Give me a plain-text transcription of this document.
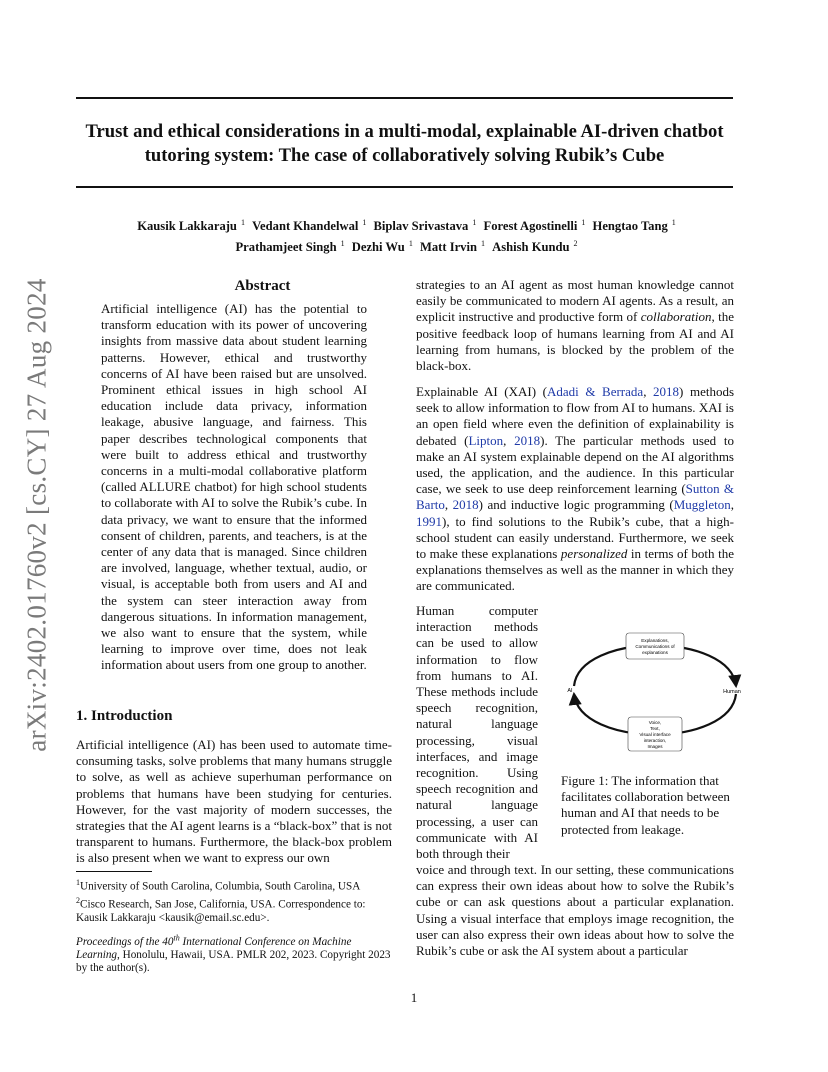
arXiv:2402.01760v2 [cs.CY] 27 Aug 2024
Trust and ethical considerations in a multi-modal, explainable AI-driven chatbot tutoring system: The case of collaboratively solving Rubik’s Cube
Kausik Lakkaraju $^1$ Vedant Khandelwal $^1$ Biplav Srivastava $^1$ Forest Agostinelli $^1$ Hengtao Tang $^1$
Prathamjeet Singh $^1$ Dezhi Wu $^1$ Matt Irvin $^1$ Ashish Kundu $^2$
Abstract
Artificial intelligence (AI) has the potential to transform education with its power of uncovering insights from massive data about student learning patterns. However, ethical and trustworthy concerns of AI have been raised but are unsolved. Prominent ethical issues in high school AI education include data privacy, information leakage, abusive language, and fairness. This paper describes technological components that were built to address ethical and trustworthy concerns in a multi-modal collaborative platform (called ALLURE chatbot) for high school students to collaborate with AI to solve the Rubik’s cube. In data privacy, we want to ensure that the informed consent of children, parents, and teachers, is at the center of any data that is managed. Since children are involved, language, whether textual, audio, or visual, is acceptable both from users and AI and the system can steer interaction away from dangerous situations. In information management, we also want to ensure that the system, while learning to improve over time, does not leak information about users from one group to another.
1. Introduction
Artificial intelligence (AI) has been used to automate time-consuming tasks, solve problems that many humans struggle to solve, as well as achieve superhuman performance on problems that humans have been studying for centuries. However, for the vast majority of modern successes, the strategies that the AI agent learns is a “black-box” that is not transparent to humans. Furthermore, the black-box problem is also present when we want to express our own

$^1$University of South Carolina, Columbia, South Carolina, USA

$^2$Cisco Research, San Jose, California, USA. Correspondence to: Kausik Lakkaraju <kausik@email.sc.edu>.

Proceedings of the 40th International Conference on Machine Learning, Honolulu, Hawaii, USA. PMLR 202, 2023. Copyright 2023 by the author(s).

strategies to an AI agent as most human knowledge cannot easily be communicated to modern AI agents. As a result, an explicit instructive and productive form of collaboration, the positive feedback loop of humans learning from AI and AI learning from humans, is blocked by the problem of the black-box.

Explainable AI (XAI) (Adadi & Berrada, 2018) methods seek to allow information to flow from AI to humans. XAI is an open field where even the definition of explainability is debated (Lipton, 2018). The particular methods used to make an AI system explainable depend on the AI algorithms used, the application, and the audience. In this particular case, we seek to use deep reinforcement learning (Sutton & Barto, 2018) and inductive logic programming (Muggleton, 1991), to find solutions to the Rubik’s cube, that a high-school student can easily understand. Furthermore, we seek to make these explanations personalized in terms of both the explanations themselves as well as the manner in which they are communicated.

Human computer interaction methods can be used to allow information to flow from humans to AI. These methods include speech recognition, natural language processing, visual interfaces, and image recognition. Using speech recognition and natural language processing, a user can communicate with AI both through their

voice and through text. In our setting, these communications can express their own ideas about how to solve the Rubik’s cube or can ask questions about a particular explanation. Using a visual interface that employs image recognition, the user can also express their own ideas about how to solve the Rubik’s cube or ask the AI system about a particular

Explanations,
Communications of
explanations
Voice,
Text,
Visual interface
interaction,
Images
AI	Human
Figure 1: The information that facilitates collaboration between human and AI that needs to be protected from leakage.
1
